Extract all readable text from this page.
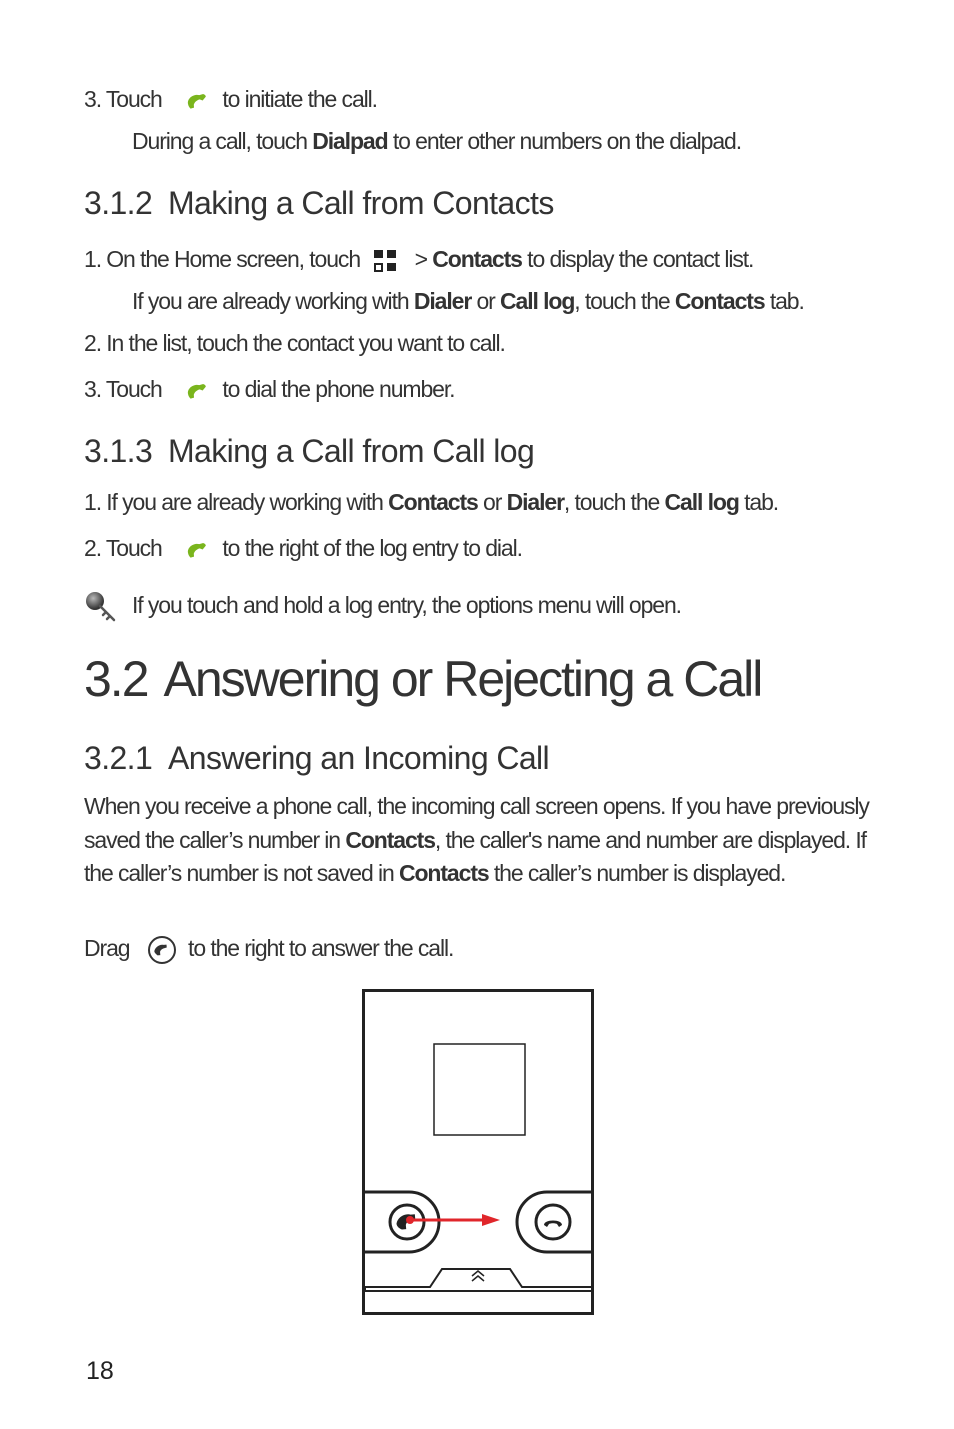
3. Touch	to initiate the call.
During a call, touch Dialpad to enter other numbers on the dialpad.
3.1.2 Making a Call from Contacts
1. On the Home screen, touch > Contacts to display the contact list.
If you are already working with Dialer or Call log, touch the Contacts tab.
2. In the list, touch the contact you want to call.
3. Touch	to dial the phone number.
3.1.3 Making a Call from Call log
1. If you are already working with Contacts or Dialer, touch the Call log tab.
2. Touch	to the right of the log entry to dial.
If you touch and hold a log entry, the options menu will open.
3.2 Answering or Rejecting a Call
3.2.1 Answering an Incoming Call
When you receive a phone call, the incoming call screen opens. If you have previously saved the caller’s number in Contacts, the caller's name and number are displayed. If the caller’s number is not saved in Contacts the caller’s number is displayed.
Drag	to the right to answer the call.
18
